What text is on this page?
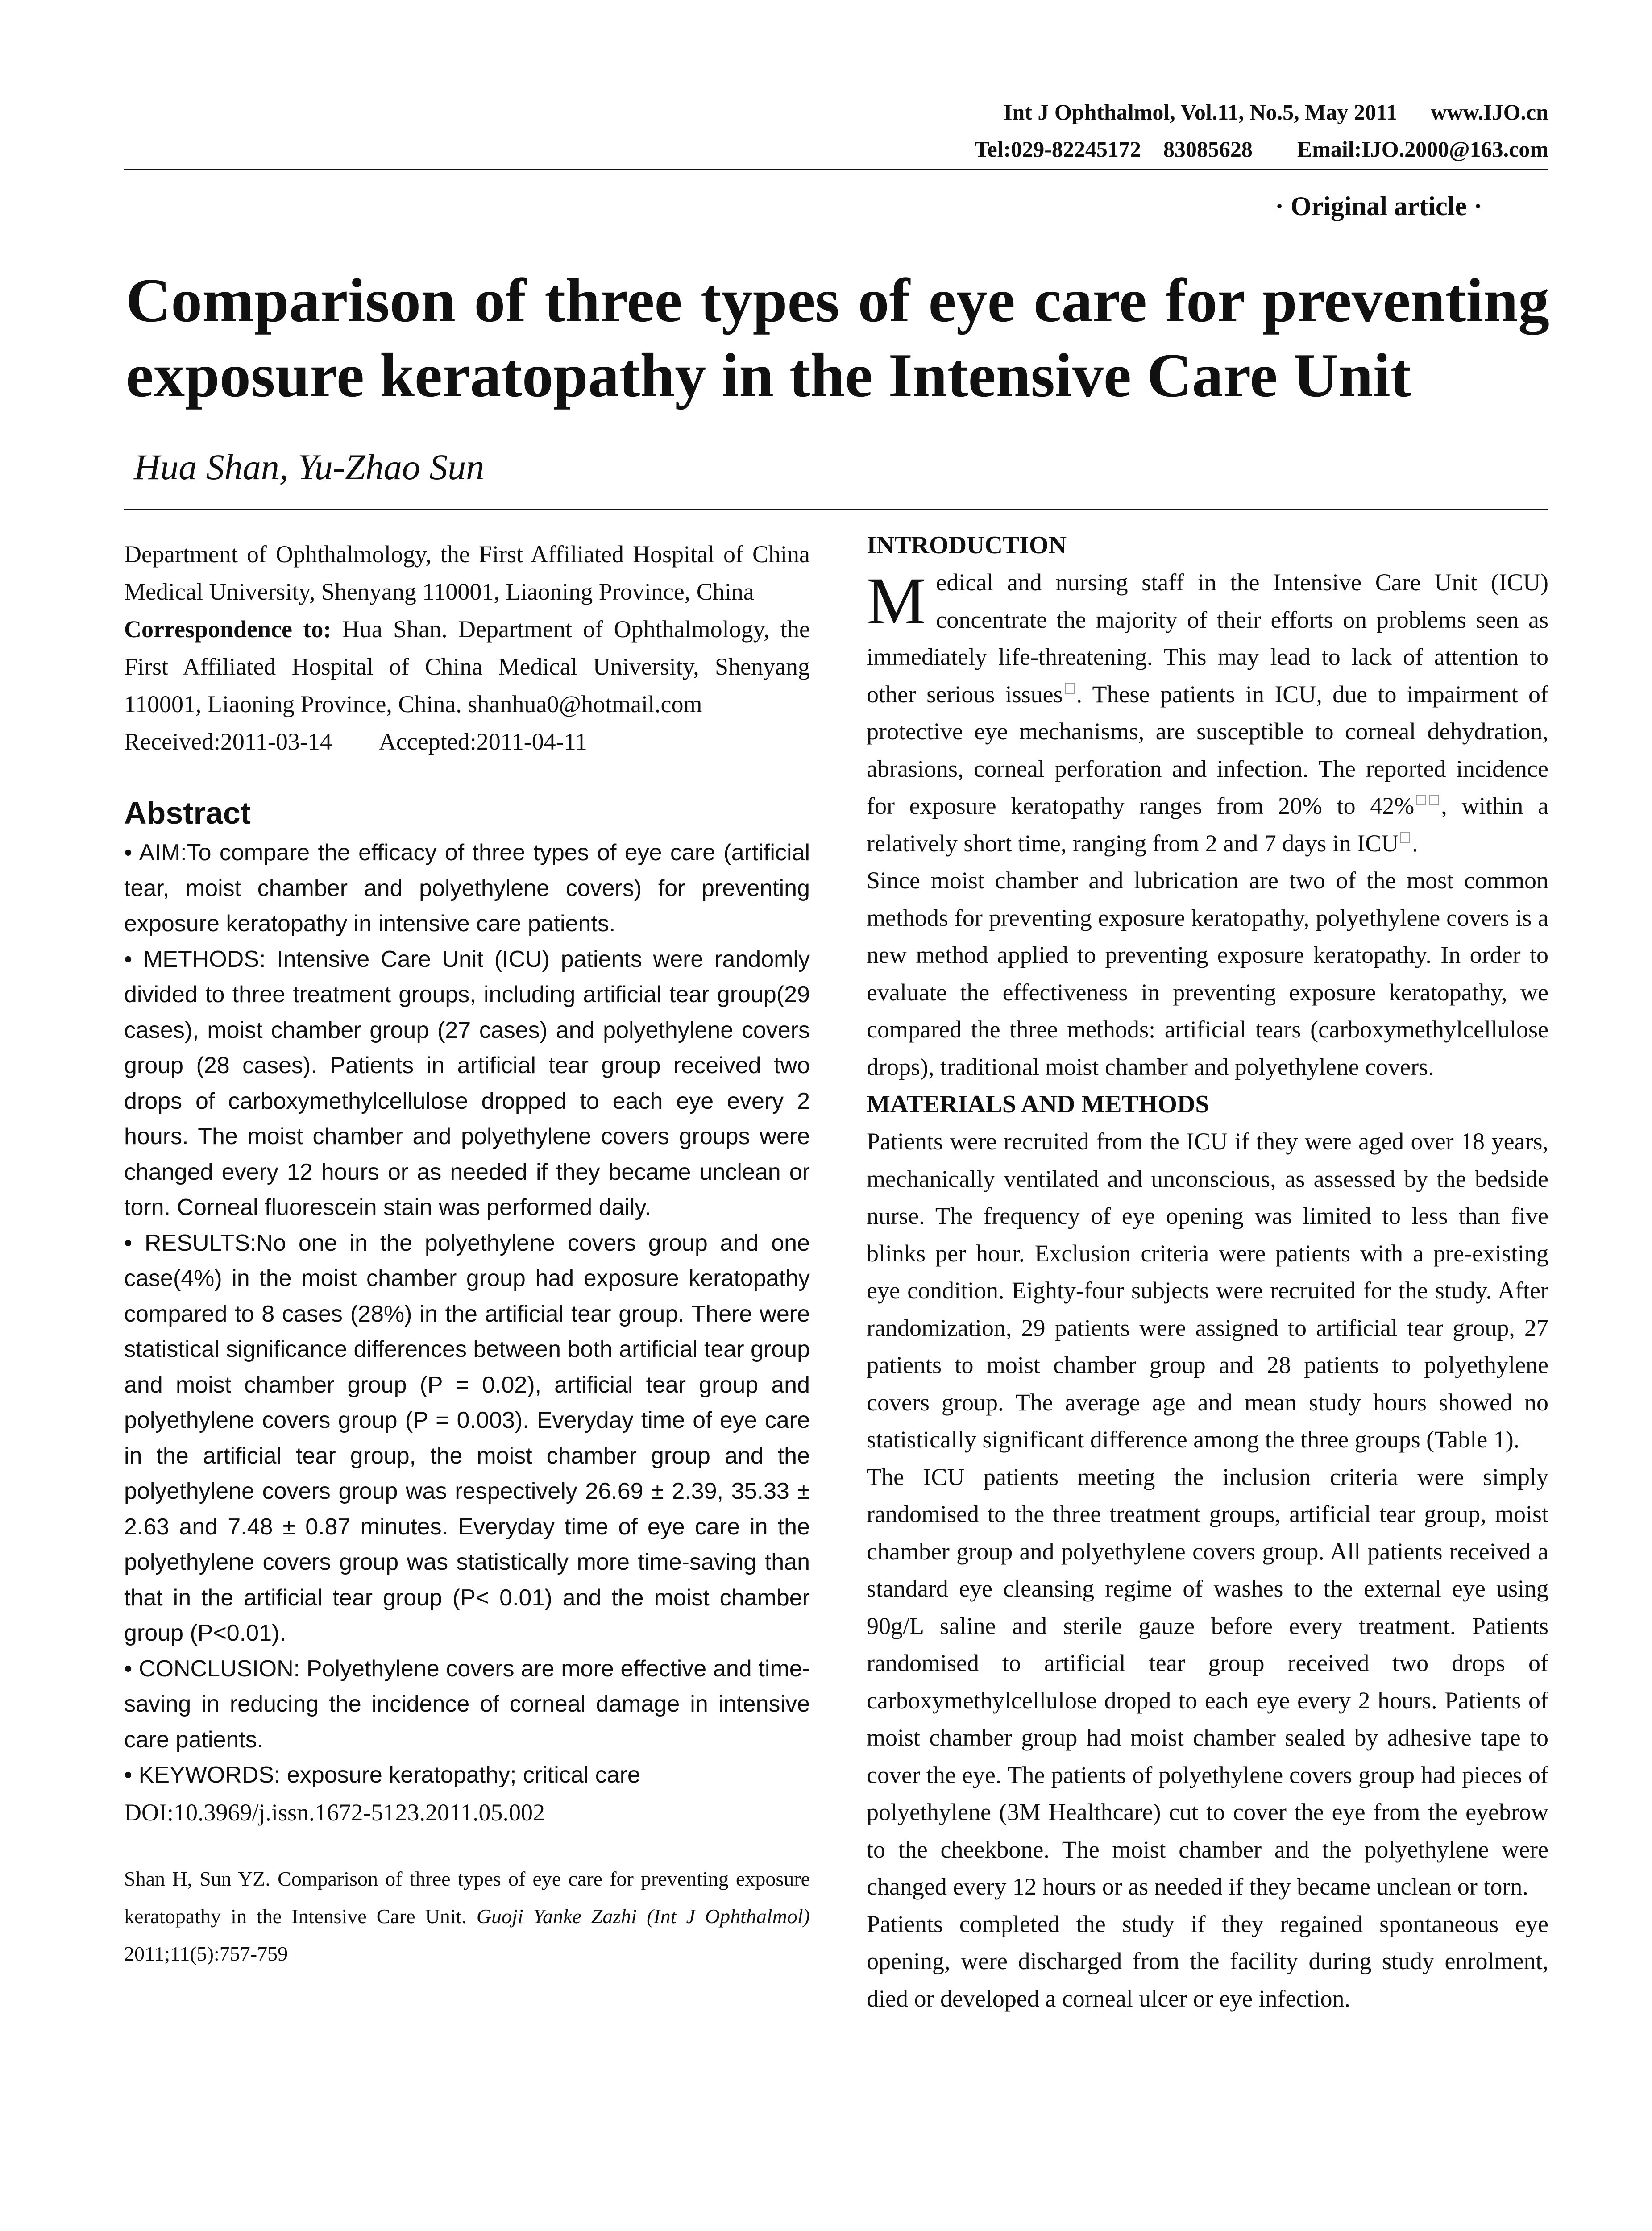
Int J Ophthalmol, Vol.11, No.5, May 2011      www.IJO.cn
Tel:029-82245172    83085628        Email:IJO.2000@163.com
· Original article ·
Comparison of three types of eye care for preventing
exposure keratopathy in the Intensive Care Unit
Hua Shan, Yu-Zhao Sun

Department of Ophthalmology, the First Affiliated Hospital of China Medical University, Shenyang 110001, Liaoning Province, China

Correspondence to: Hua Shan. Department of Ophthalmology, the First Affiliated Hospital of China Medical University, Shenyang 110001, Liaoning Province, China. shanhua0@hotmail.com

Received:2011-03-14        Accepted:2011-04-11

Abstract

• AIM:To compare the efficacy of three types of eye care (artificial tear, moist chamber and polyethylene covers) for preventing exposure keratopathy in intensive care patients.

• METHODS: Intensive Care Unit (ICU) patients were randomly divided to three treatment groups, including artificial tear group(29 cases), moist chamber group (27 cases) and polyethylene covers group (28 cases). Patients in artificial tear group received two drops of carboxymethylcellulose dropped to each eye every 2 hours. The moist chamber and polyethylene covers groups were changed every 12 hours or as needed if they became unclean or torn. Corneal fluorescein stain was performed daily.

• RESULTS:No one in the polyethylene covers group and one case(4%) in the moist chamber group had exposure keratopathy compared to 8 cases (28%) in the artificial tear group. There were statistical significance differences between both artificial tear group and moist chamber group (P = 0.02), artificial tear group and polyethylene covers group (P = 0.003). Everyday time of eye care in the artificial tear group, the moist chamber group and the polyethylene covers group was respectively 26.69 ± 2.39, 35.33 ± 2.63 and 7.48 ± 0.87 minutes. Everyday time of eye care in the polyethylene covers group was statistically more time-saving than that in the artificial tear group (P< 0.01) and the moist chamber group (P<0.01).

• CONCLUSION: Polyethylene covers are more effective and time-saving in reducing the incidence of corneal damage in intensive care patients.

• KEYWORDS: exposure keratopathy; critical care

DOI:10.3969/j.issn.1672-5123.2011.05.002
Shan H, Sun YZ. Comparison of three types of eye care for preventing exposure keratopathy in the Intensive Care Unit. Guoji Yanke Zazhi (Int J Ophthalmol) 2011;11(5):757-759
INTRODUCTION

Medical and nursing staff in the Intensive Care Unit (ICU) concentrate the majority of their efforts on problems seen as immediately life-threatening. This may lead to lack of attention to other serious issues . These patients in ICU, due to impairment of protective eye mechanisms, are susceptible to corneal dehydration, abrasions, corneal perforation and infection. The reported incidence for exposure keratopathy ranges from 20% to 42% , within a relatively short time, ranging from 2 and 7 days in ICU .

Since moist chamber and lubrication are two of the most common methods for preventing exposure keratopathy, polyethylene covers is a new method applied to preventing exposure keratopathy. In order to evaluate the effectiveness in preventing exposure keratopathy, we compared the three methods: artificial tears (carboxymethylcellulose drops), traditional moist chamber and polyethylene covers.

MATERIALS AND METHODS

Patients were recruited from the ICU if they were aged over 18 years, mechanically ventilated and unconscious, as assessed by the bedside nurse. The frequency of eye opening was limited to less than five blinks per hour. Exclusion criteria were patients with a pre-existing eye condition. Eighty-four subjects were recruited for the study. After randomization, 29 patients were assigned to artificial tear group, 27 patients to moist chamber group and 28 patients to polyethylene covers group. The average age and mean study hours showed no statistically significant difference among the three groups (Table 1).

The ICU patients meeting the inclusion criteria were simply randomised to the three treatment groups, artificial tear group, moist chamber group and polyethylene covers group. All patients received a standard eye cleansing regime of washes to the external eye using 90g/L saline and sterile gauze before every treatment. Patients randomised to artificial tear group received two drops of carboxymethylcellulose droped to each eye every 2 hours. Patients of moist chamber group had moist chamber sealed by adhesive tape to cover the eye. The patients of polyethylene covers group had pieces of polyethylene (3M Healthcare) cut to cover the eye from the eyebrow to the cheekbone. The moist chamber and the polyethylene were changed every 12 hours or as needed if they became unclean or torn.

Patients completed the study if they regained spontaneous eye opening, were discharged from the facility during study enrolment, died or developed a corneal ulcer or eye infection.
